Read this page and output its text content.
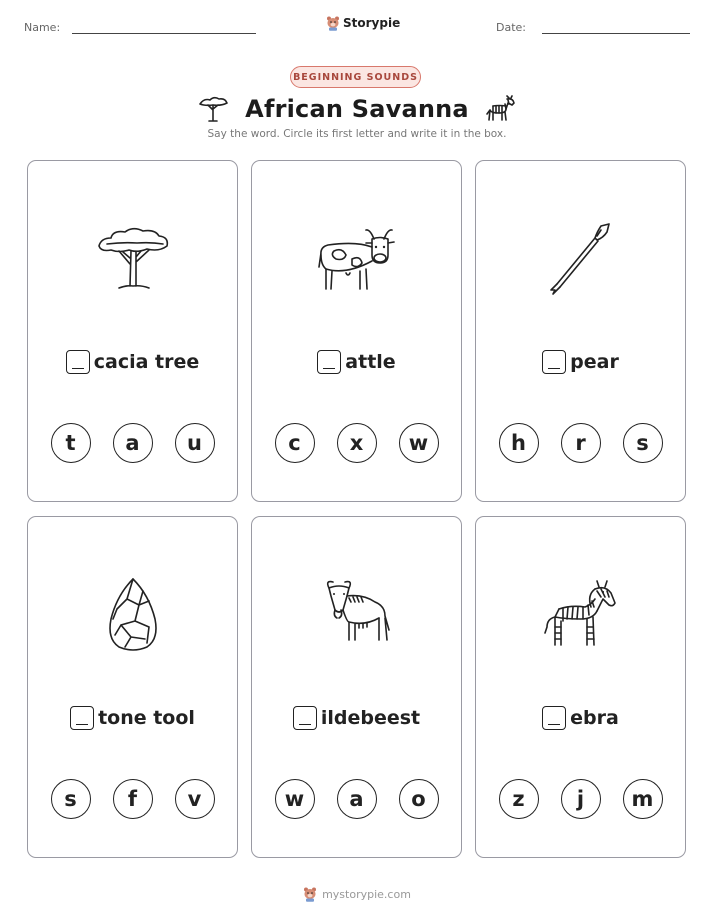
Name:	Storypie	Date:
BEGINNING SOUNDS
African Savanna
Say the word. Circle its first letter and write it in the box.
cacia tree
t	a	u
attle
c	x	w
pear
h	r	s
tone tool
s	f	v
ildebeest
w	a	o
ebra
z	j	m
mystorypie.com
